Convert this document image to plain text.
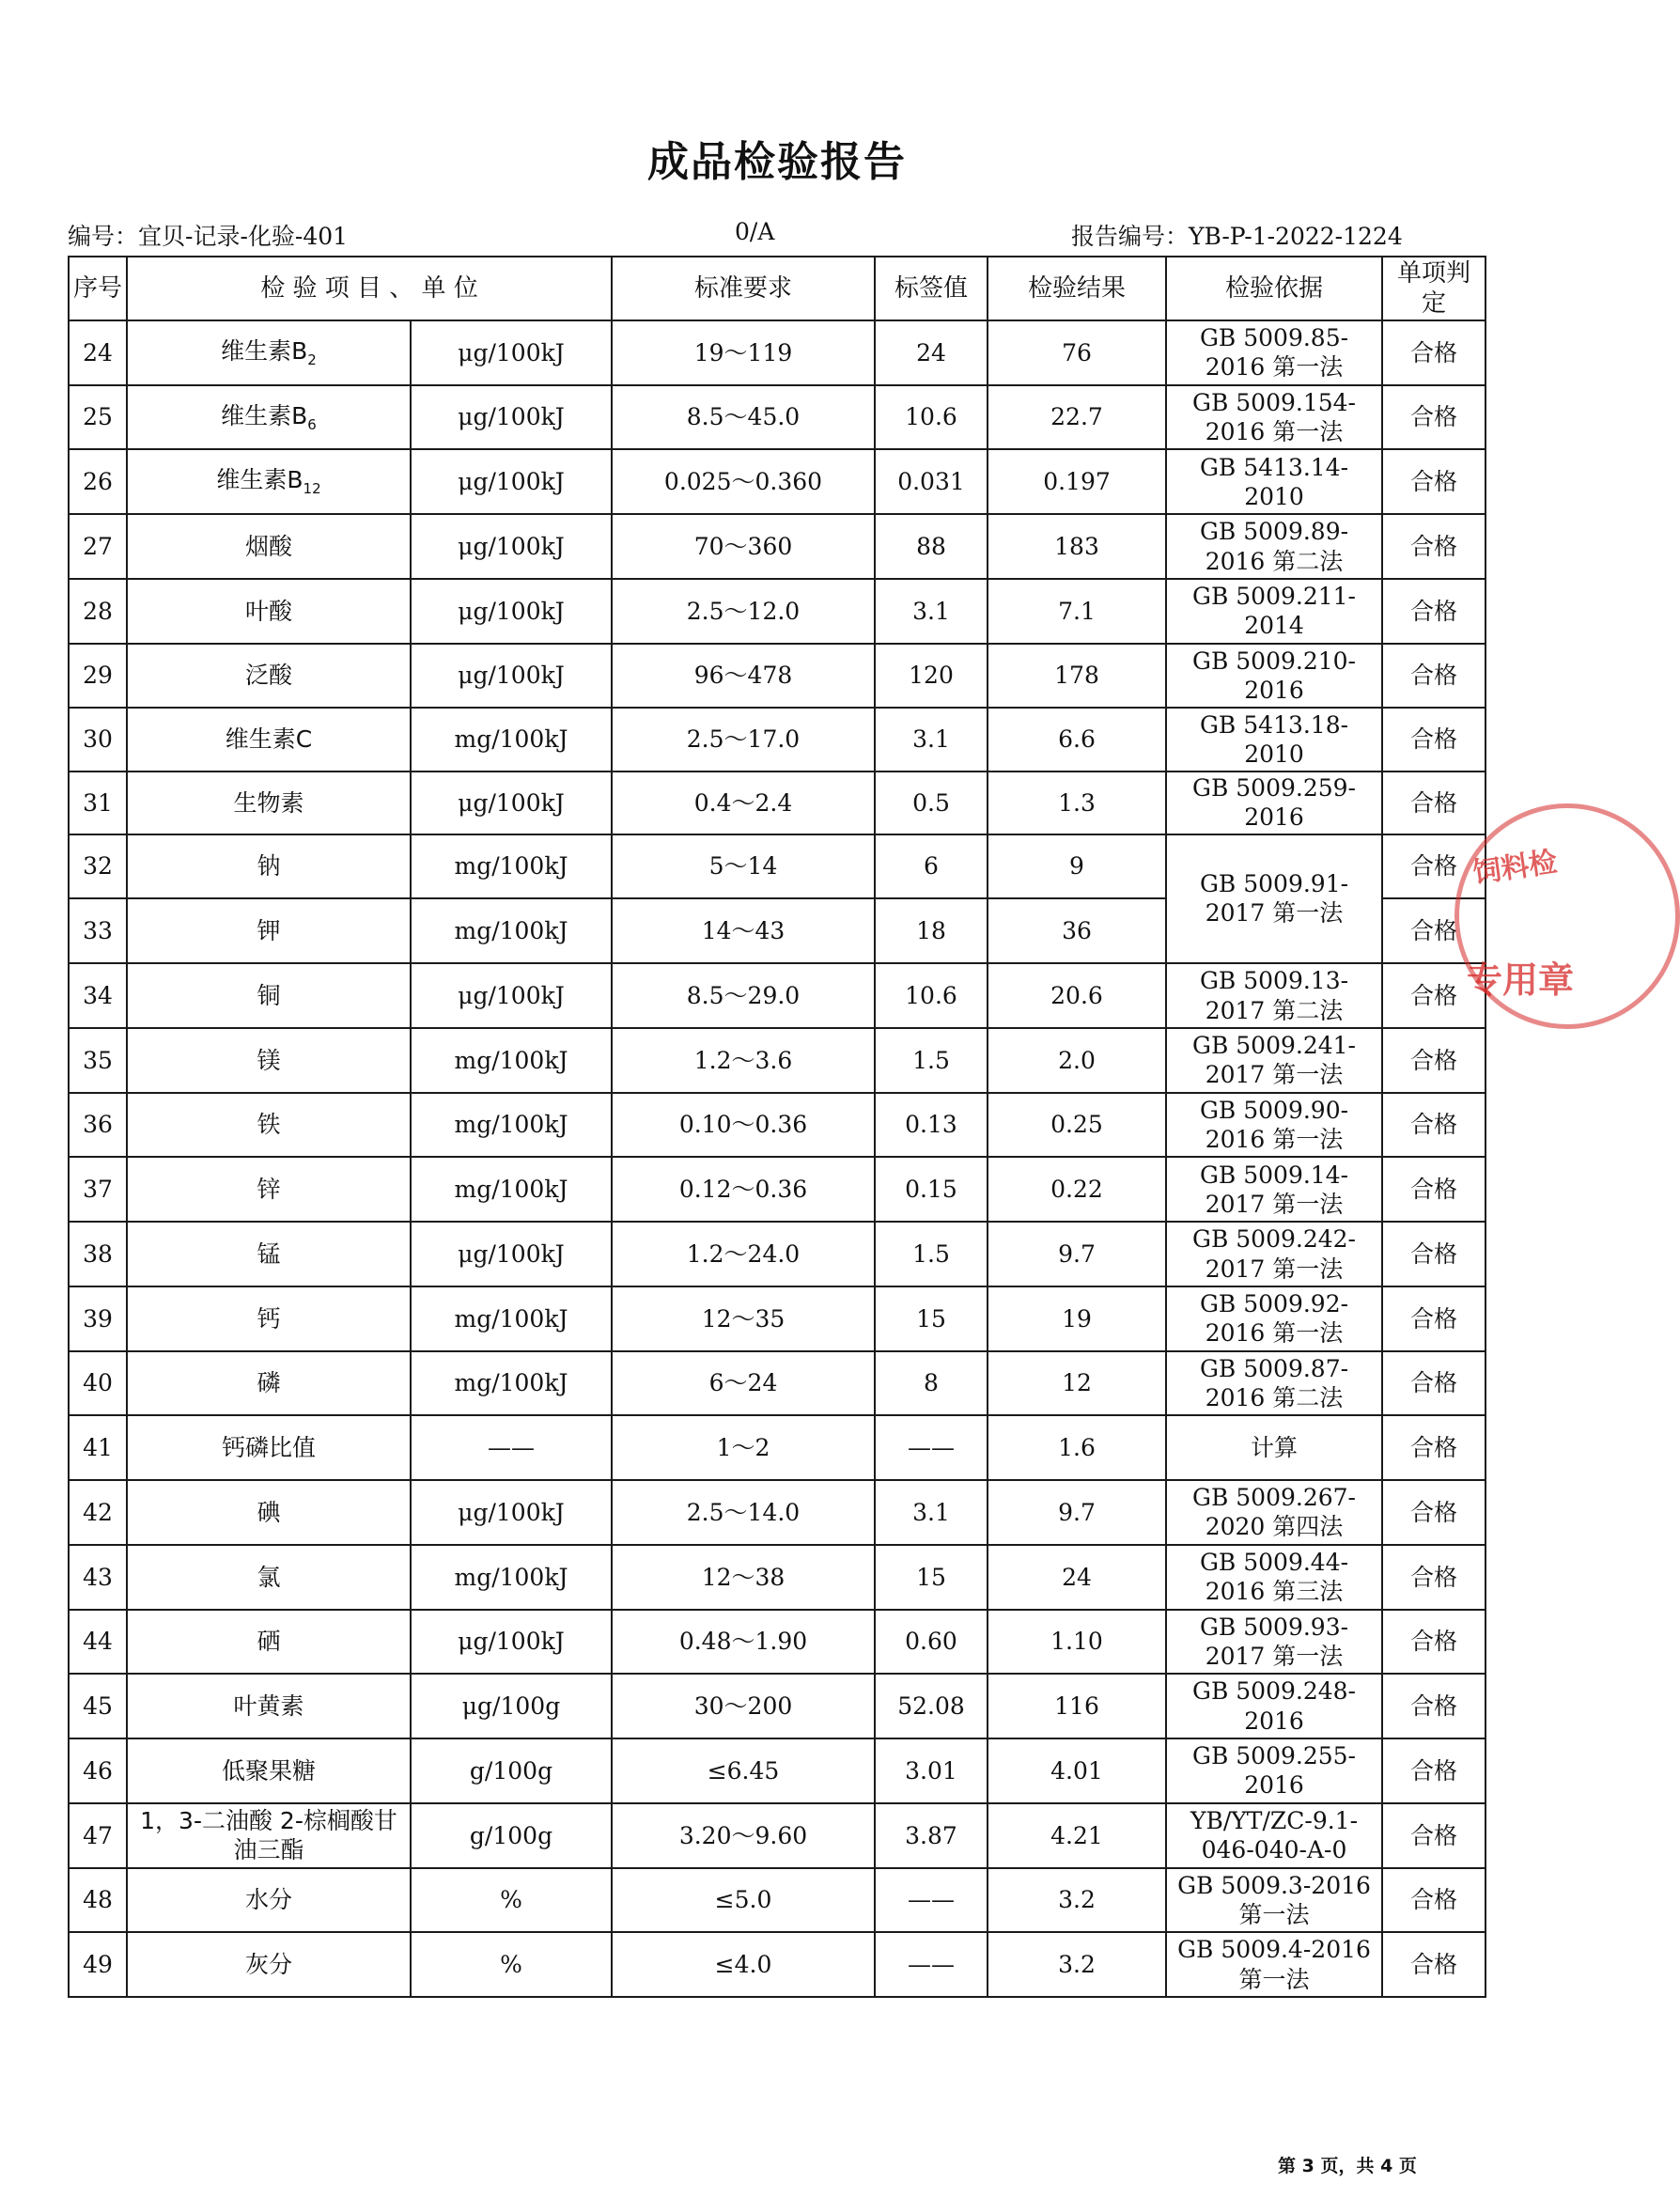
成品检验报告
编号：宜贝-记录-化验-401	0/A	报告编号：YB-P-1-2022-1224
序号	检 验 项 目 、 单 位		标准要求	标签值	检验结果	检验依据	单项判定
24	维生素$B_2$	μg/100kJ	19～119	24	76	GB 5009.85-2016 第一法	合格
25	维生素$B_6$	μg/100kJ	8.5～45.0	10.6	22.7	GB 5009.154-2016 第一法	合格
26	维生素$B_{12}$	μg/100kJ	0.025～0.360	0.031	0.197	GB 5413.14-2010	合格
27	烟酸	μg/100kJ	70～360	88	183	GB 5009.89-2016 第二法	合格
28	叶酸	μg/100kJ	2.5～12.0	3.1	7.1	GB 5009.211-2014	合格
29	泛酸	μg/100kJ	96～478	120	178	GB 5009.210-2016	合格
30	维生素C	mg/100kJ	2.5～17.0	3.1	6.6	GB 5413.18-2010	合格
31	生物素	μg/100kJ	0.4～2.4	0.5	1.3	GB 5009.259-2016	合格
32	钠	mg/100kJ	5～14	6	9	GB 5009.91-2017 第一法	合格
33	钾	mg/100kJ	14～43	18	36		合格
34	铜	μg/100kJ	8.5～29.0	10.6	20.6	GB 5009.13-2017 第二法	合格
35	镁	mg/100kJ	1.2～3.6	1.5	2.0	GB 5009.241-2017 第一法	合格
36	铁	mg/100kJ	0.10～0.36	0.13	0.25	GB 5009.90-2016 第一法	合格
37	锌	mg/100kJ	0.12～0.36	0.15	0.22	GB 5009.14-2017 第一法	合格
38	锰	μg/100kJ	1.2～24.0	1.5	9.7	GB 5009.242-2017 第一法	合格
39	钙	mg/100kJ	12～35	15	19	GB 5009.92-2016 第一法	合格
40	磷	mg/100kJ	6～24	8	12	GB 5009.87-2016 第二法	合格
41	钙磷比值	——	1～2	——	1.6	计算	合格
42	碘	μg/100kJ	2.5～14.0	3.1	9.7	GB 5009.267-2020 第四法	合格
43	氯	mg/100kJ	12～38	15	24	GB 5009.44-2016 第三法	合格
44	硒	μg/100kJ	0.48～1.90	0.60	1.10	GB 5009.93-2017 第一法	合格
45	叶黄素	μg/100g	30～200	52.08	116	GB 5009.248-2016	合格
46	低聚果糖	g/100g	≤6.45	3.01	4.01	GB 5009.255-2016	合格
47	1，3-二油酸 2-棕榈酸甘油三酯	g/100g	3.20～9.60	3.87	4.21	YB/YT/ZC-9.1-046-040-A-0	合格
48	水分	%	≤5.0	——	3.2	GB 5009.3-2016 第一法	合格
49	灰分	%	≤4.0	——	3.2	GB 5009.4-2016 第一法	合格
饲料检
专用章
第 3 页，共 4 页
